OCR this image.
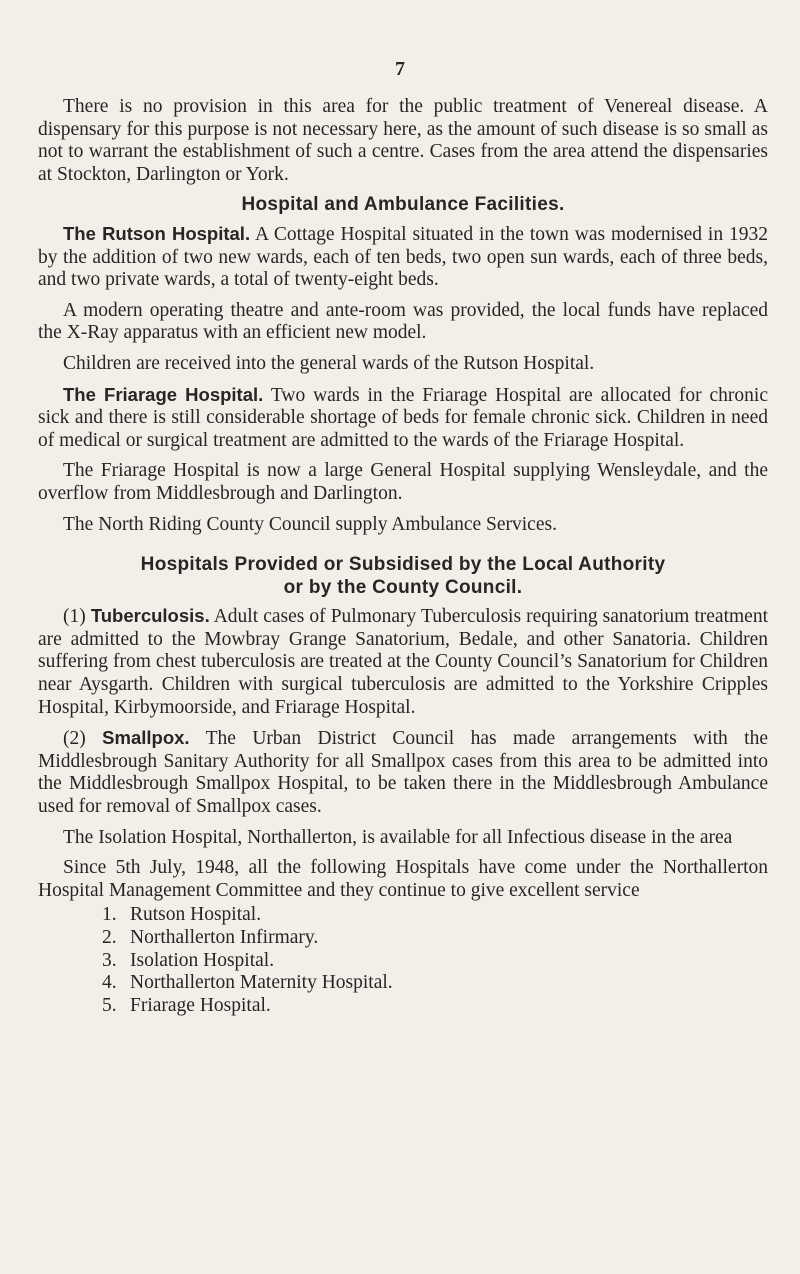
7

There is no provision in this area for the public treatment of Venereal disease. A dispensary for this purpose is not necessary here, as the amount of such disease is so small as not to warrant the establishment of such a centre. Cases from the area attend the dispensaries at Stockton, Darlington or York.

Hospital and Ambulance Facilities.

The Rutson Hospital. A Cottage Hospital situated in the town was modernised in 1932 by the addition of two new wards, each of ten beds, two open sun wards, each of three beds, and two private wards, a total of twenty-eight beds.

A modern operating theatre and ante-room was provided, the local funds have replaced the X-Ray apparatus with an efficient new model.

Children are received into the general wards of the Rutson Hospital.

The Friarage Hospital. Two wards in the Friarage Hospital are allocated for chronic sick and there is still considerable shortage of beds for female chronic sick. Children in need of medical or surgical treatment are admitted to the wards of the Friarage Hospital.

The Friarage Hospital is now a large General Hospital supplying Wensleydale, and the overflow from Middlesbrough and Darlington.

The North Riding County Council supply Ambulance Services.

Hospitals Provided or Subsidised by the Local Authority
or by the County Council.

(1) Tuberculosis. Adult cases of Pulmonary Tuberculosis requiring sanatorium treatment are admitted to the Mowbray Grange Sanatorium, Bedale, and other Sanatoria. Children suffering from chest tuberculosis are treated at the County Council’s Sanatorium for Children near Aysgarth. Children with surgical tuberculosis are admitted to the Yorkshire Cripples Hospital, Kirbymoorside, and Friarage Hospital.

(2) Smallpox. The Urban District Council has made arrangements with the Middlesbrough Sanitary Authority for all Smallpox cases from this area to be admitted into the Middlesbrough Smallpox Hospital, to be taken there in the Middlesbrough Ambulance used for removal of Smallpox cases.

The Isolation Hospital, Northallerton, is available for all Infectious disease in the area

Since 5th July, 1948, all the following Hospitals have come under the Northallerton Hospital Management Committee and they continue to give excellent service

1. Rutson Hospital.
2. Northallerton Infirmary.
3. Isolation Hospital.
4. Northallerton Maternity Hospital.
5. Friarage Hospital.
